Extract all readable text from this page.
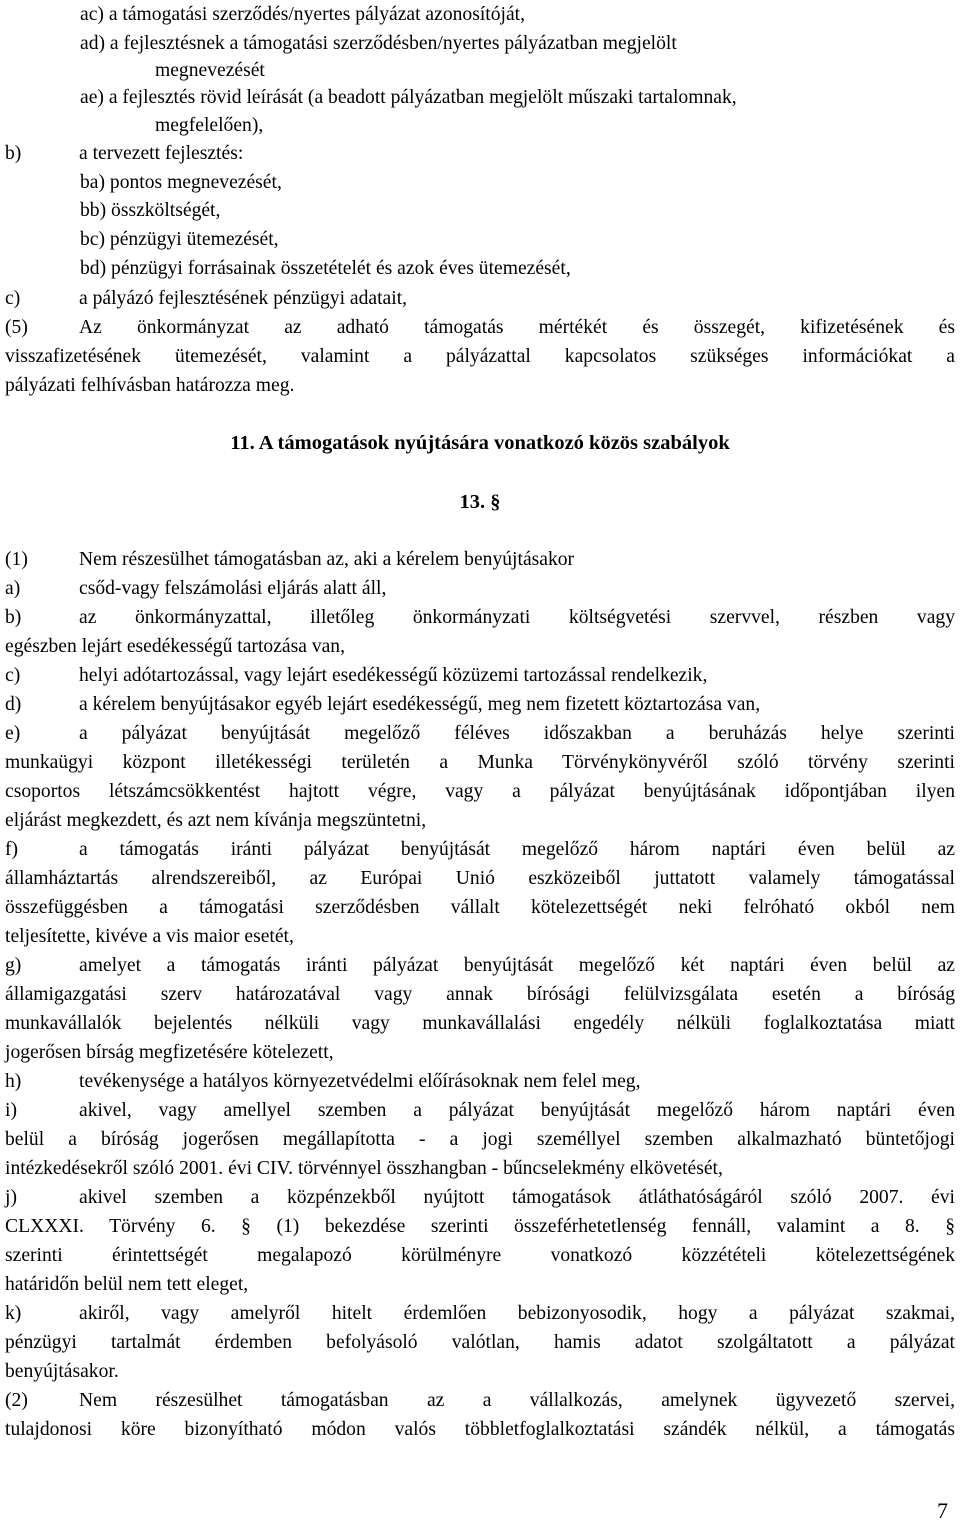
ac) a támogatási szerződés/nyertes pályázat azonosítóját,
ad) a fejlesztésnek a támogatási szerződésben/nyertes pályázatban megjelölt
megnevezését
ae) a fejlesztés rövid leírását (a beadott pályázatban megjelölt műszaki tartalomnak,
megfelelően),
b)	a tervezett fejlesztés:
ba) pontos megnevezését,
bb) összköltségét,
bc) pénzügyi ütemezését,
bd) pénzügyi forrásainak összetételét és azok éves ütemezését,
c)	a pályázó fejlesztésének pénzügyi adatait,
(5)	Az önkormányzat az adható támogatás mértékét és összegét, kifizetésének és
visszafizetésének ütemezését, valamint a pályázattal kapcsolatos szükséges információkat a
pályázati felhívásban határozza meg.
11. A támogatások nyújtására vonatkozó közös szabályok
13. §
(1)	Nem részesülhet támogatásban az, aki a kérelem benyújtásakor
a)	csőd-vagy felszámolási eljárás alatt áll,
b)	az önkormányzattal, illetőleg önkormányzati költségvetési szervvel, részben vagy
egészben lejárt esedékességű tartozása van,
c)	helyi adótartozással, vagy lejárt esedékességű közüzemi tartozással rendelkezik,
d)	a kérelem benyújtásakor egyéb lejárt esedékességű, meg nem fizetett köztartozása van,
e)	a pályázat benyújtását megelőző féléves időszakban a beruházás helye szerinti
munkaügyi központ illetékességi területén a Munka Törvénykönyvéről szóló törvény szerinti
csoportos létszámcsökkentést hajtott végre, vagy a pályázat benyújtásának időpontjában ilyen
eljárást megkezdett, és azt nem kívánja megszüntetni,
f)	a támogatás iránti pályázat benyújtását megelőző három naptári éven belül az
államháztartás alrendszereiből, az Európai Unió eszközeiből juttatott valamely támogatással
összefüggésben a támogatási szerződésben vállalt kötelezettségét neki felróható okból nem
teljesítette, kivéve a vis maior esetét,
g)	amelyet a támogatás iránti pályázat benyújtását megelőző két naptári éven belül az
államigazgatási szerv határozatával vagy annak bírósági felülvizsgálata esetén a bíróság
munkavállalók bejelentés nélküli vagy munkavállalási engedély nélküli foglalkoztatása miatt
jogerősen bírság megfizetésére kötelezett,
h)	tevékenysége a hatályos környezetvédelmi előírásoknak nem felel meg,
i)	akivel, vagy amellyel szemben a pályázat benyújtását megelőző három naptári éven
belül a bíróság jogerősen megállapította - a jogi személlyel szemben alkalmazható büntetőjogi
intézkedésekről szóló 2001. évi CIV. törvénnyel összhangban - bűncselekmény elkövetését,
j)	akivel szemben a közpénzekből nyújtott támogatások átláthatóságáról szóló 2007. évi
CLXXXI. Törvény 6. § (1) bekezdése szerinti összeférhetetlenség fennáll, valamint a 8. §
szerinti érintettségét megalapozó körülményre vonatkozó közzétételi kötelezettségének
határidőn belül nem tett eleget,
k)	akiről, vagy amelyről hitelt érdemlően bebizonyosodik, hogy a pályázat szakmai,
pénzügyi tartalmát érdemben befolyásoló valótlan, hamis adatot szolgáltatott a pályázat
benyújtásakor.
(2)	Nem részesülhet támogatásban az a vállalkozás, amelynek ügyvezető szervei,
tulajdonosi köre bizonyítható módon valós többletfoglalkoztatási szándék nélkül, a támogatás
7
